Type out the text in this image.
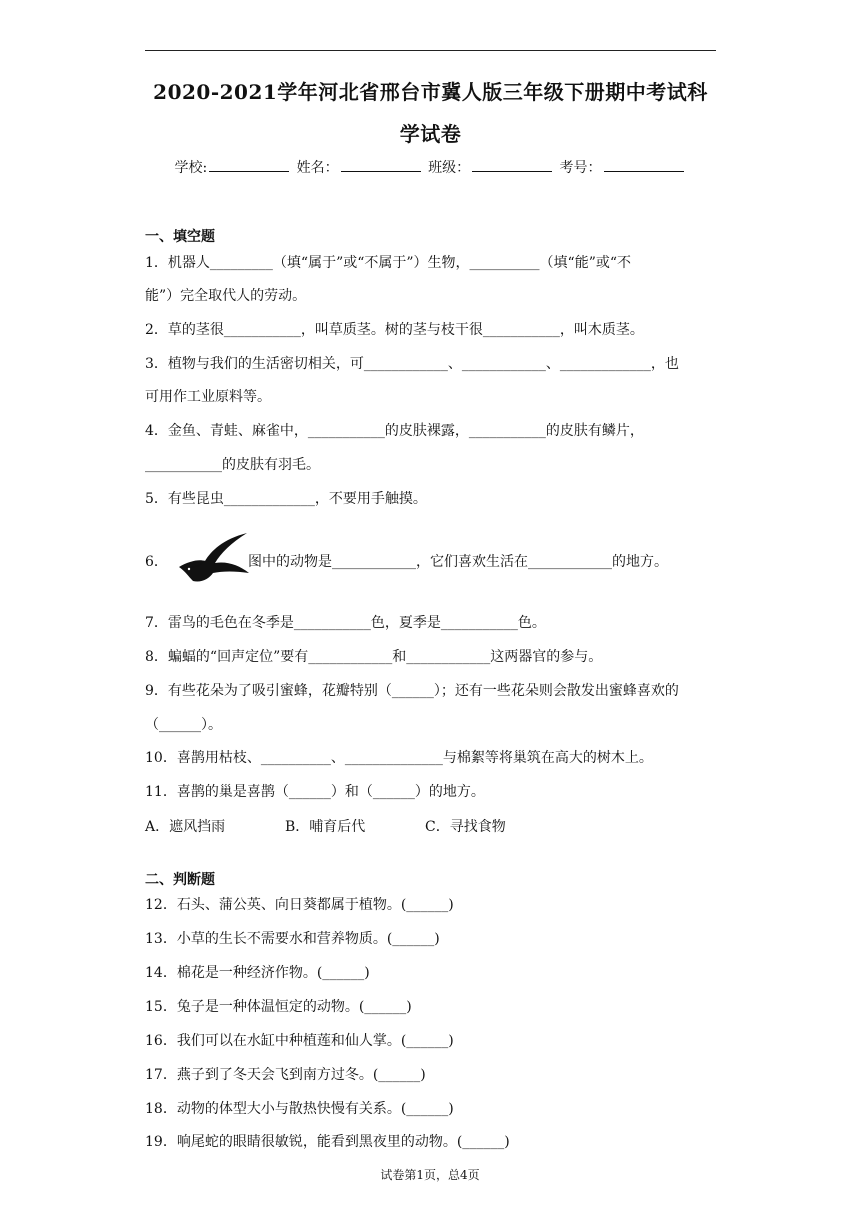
2020-2021学年河北省邢台市冀人版三年级下册期中考试科
学试卷
学校:	姓名：	班级：	考号：
一、填空题
1．机器人_________（填“属于”或“不属于”）生物，__________（填“能”或“不
能”）完全取代人的劳动。
2．草的茎很___________，叫草质茎。树的茎与枝干很___________，叫木质茎。
3．植物与我们的生活密切相关，可____________、____________、_____________，也
可用作工业原料等。
4．金鱼、青蛙、麻雀中，___________的皮肤裸露，___________的皮肤有鳞片，
___________的皮肤有羽毛。
5．有些昆虫_____________，不要用手触摸。
6．	图中的动物是____________，它们喜欢生活在____________的地方。
7．雷鸟的毛色在冬季是___________色，夏季是___________色。
8．蝙蝠的“回声定位”要有____________和____________这两器官的参与。
9．有些花朵为了吸引蜜蜂，花瓣特别（______）；还有一些花朵则会散发出蜜蜂喜欢的
（______）。
10．喜鹊用枯枝、__________、______________与棉絮等将巢筑在高大的树木上。
11．喜鹊的巢是喜鹊（______）和（______）的地方。
A．遮风挡雨	B．哺育后代	C．寻找食物
二、判断题
12．石头、蒲公英、向日葵都属于植物。(______)
13．小草的生长不需要水和营养物质。(______)
14．棉花是一种经济作物。(______)
15．兔子是一种体温恒定的动物。(______)
16．我们可以在水缸中种植莲和仙人掌。(______)
17．燕子到了冬天会飞到南方过冬。(______)
18．动物的体型大小与散热快慢有关系。(______)
19．响尾蛇的眼睛很敏锐，能看到黑夜里的动物。(______)
试卷第1页，总4页
